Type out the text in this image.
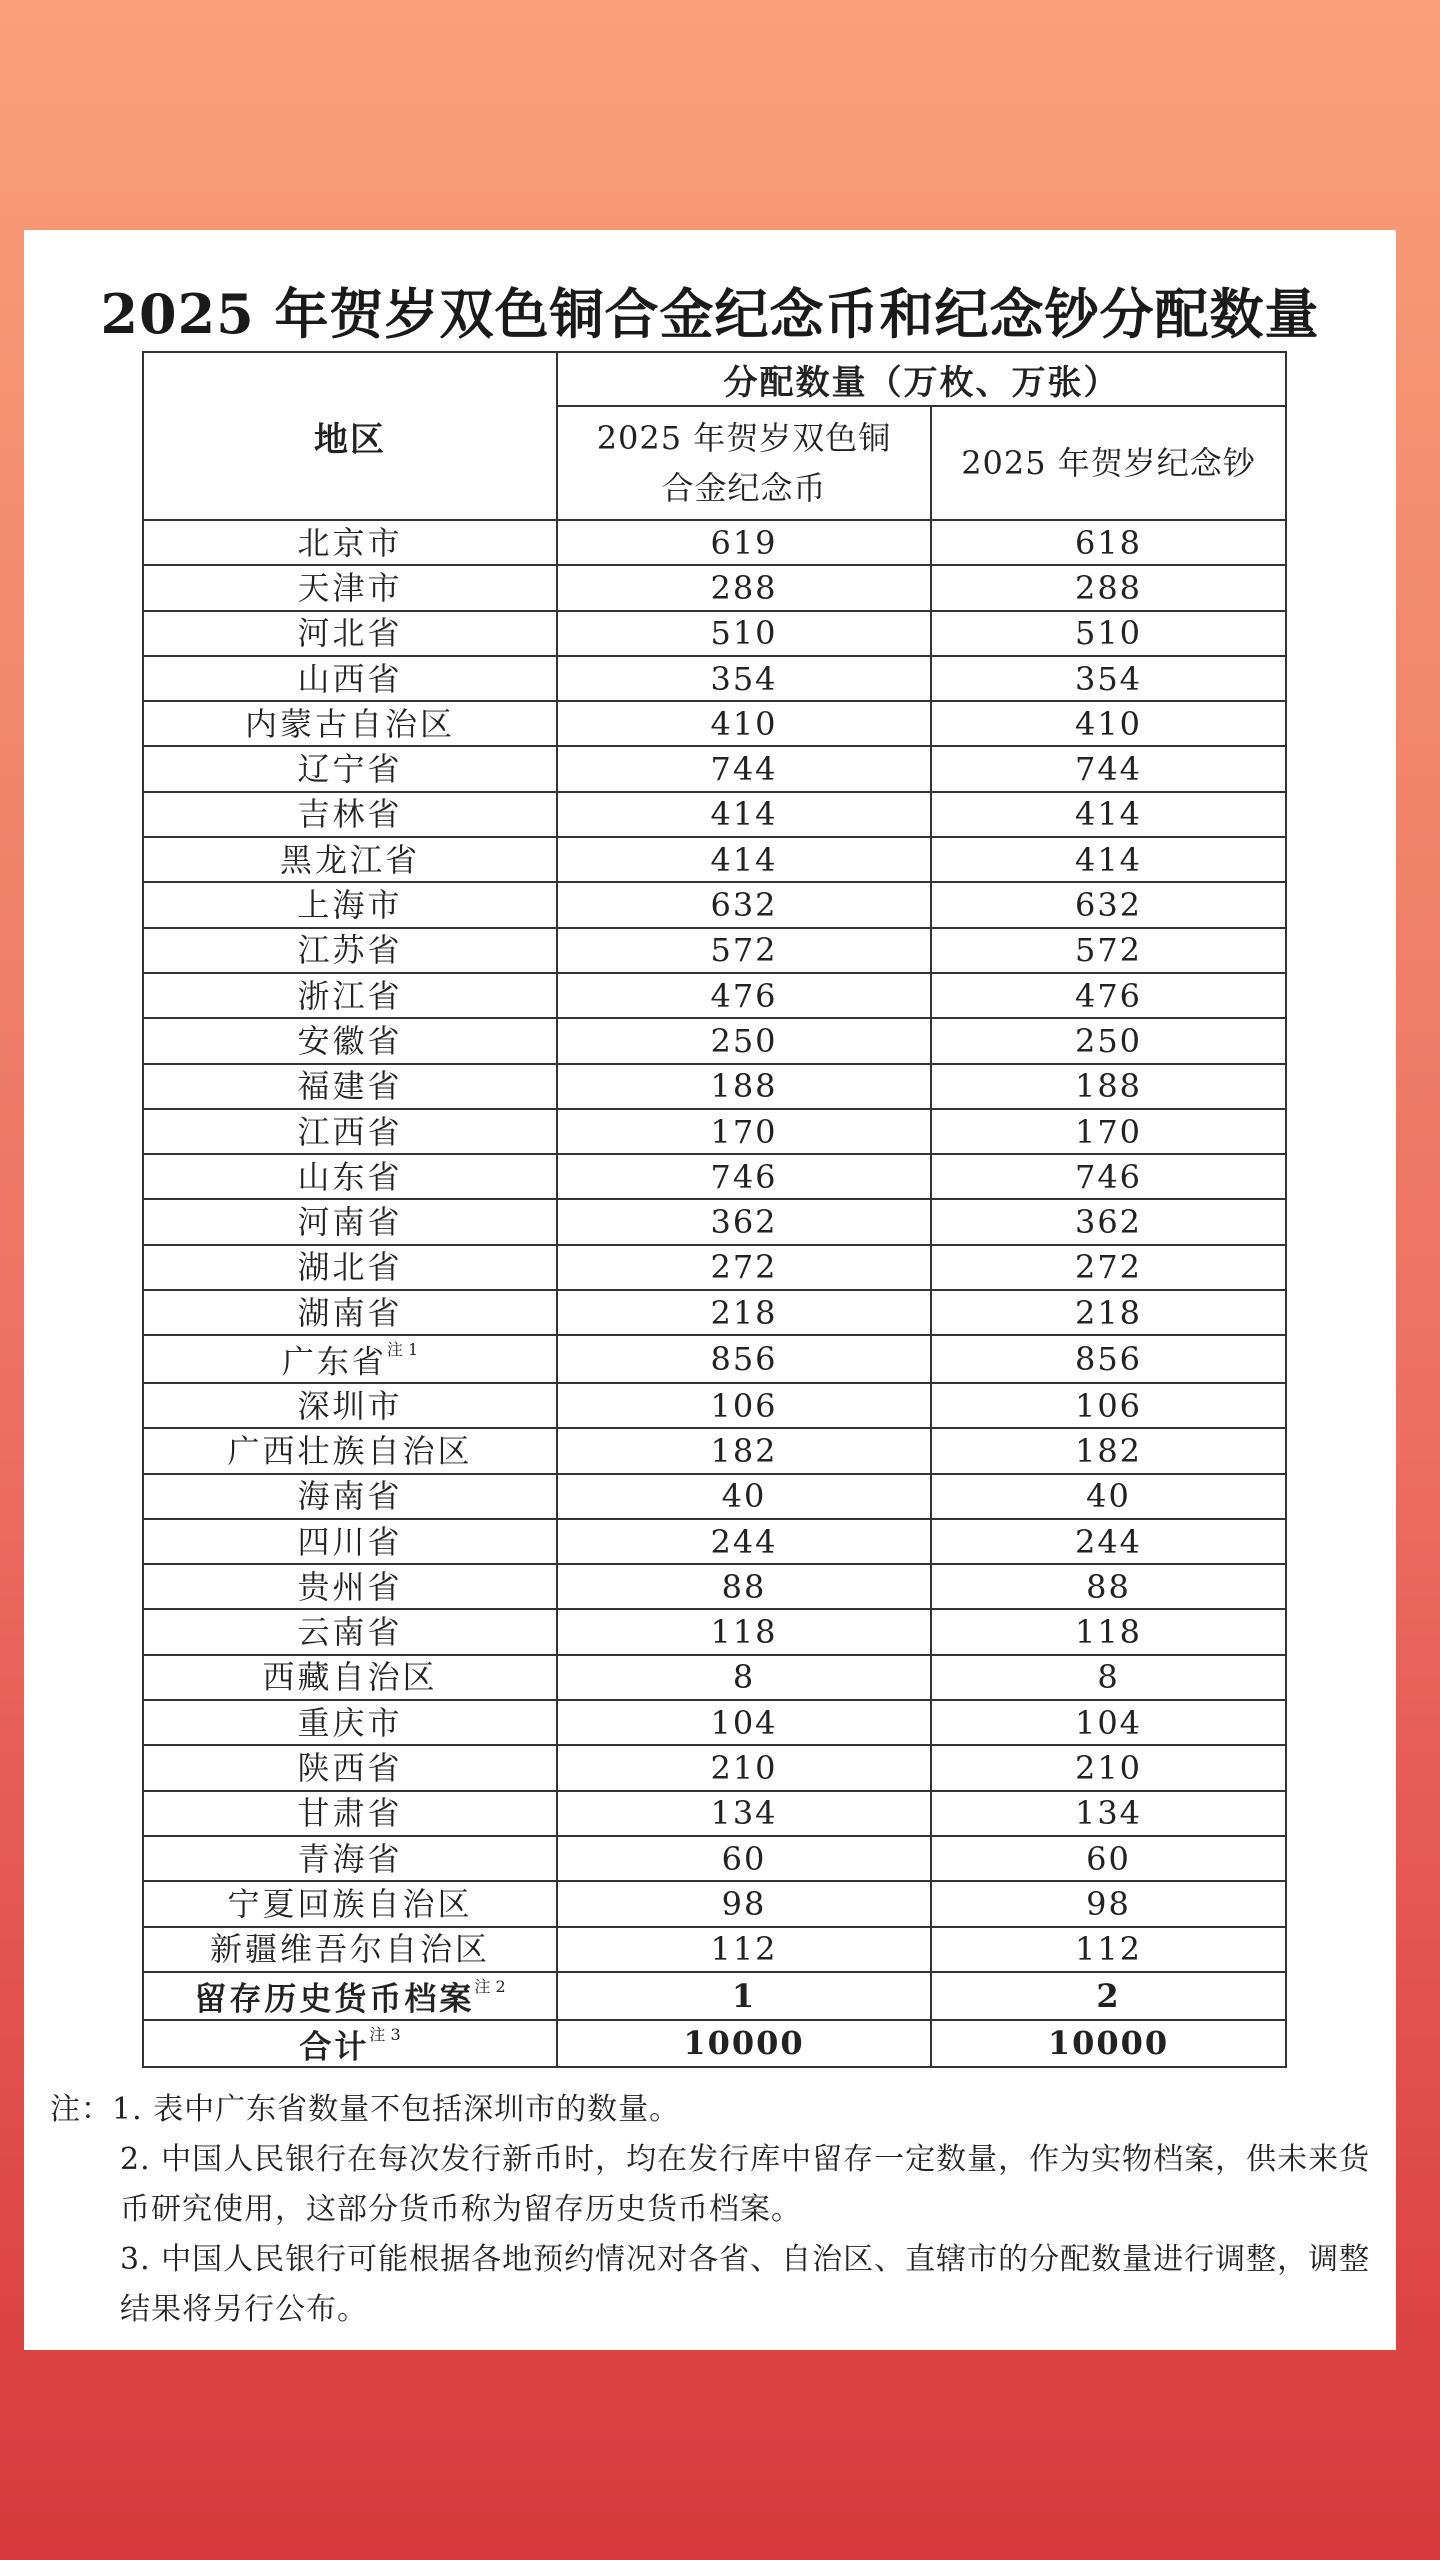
2025 年贺岁双色铜合金纪念币和纪念钞分配数量
地区	分配数量（万枚、万张）	

	2025 年贺岁双色铜合金纪念币	2025 年贺岁纪念钞
北京市	619	618
天津市	288	288
河北省	510	510
山西省	354	354
内蒙古自治区	410	410
辽宁省	744	744
吉林省	414	414
黑龙江省	414	414
上海市	632	632
江苏省	572	572
浙江省	476	476
安徽省	250	250
福建省	188	188
江西省	170	170
山东省	746	746
河南省	362	362
湖北省	272	272
湖南省	218	218
广东省$^{注 1}$	856	856
深圳市	106	106
广西壮族自治区	182	182
海南省	40	40
四川省	244	244
贵州省	88	88
云南省	118	118
西藏自治区	8	8
重庆市	104	104
陕西省	210	210
甘肃省	134	134
青海省	60	60
宁夏回族自治区	98	98
新疆维吾尔自治区	112	112
留存历史货币档案$^{注 2}$	1	2
合计$^{注 3}$	10000	10000

注：1. 表中广东省数量不包括深圳市的数量。

2. 中国人民银行在每次发行新币时，均在发行库中留存一定数量，作为实物档案，供未来货币研究使用，这部分货币称为留存历史货币档案。

3. 中国人民银行可能根据各地预约情况对各省、自治区、直辖市的分配数量进行调整，调整结果将另行公布。
